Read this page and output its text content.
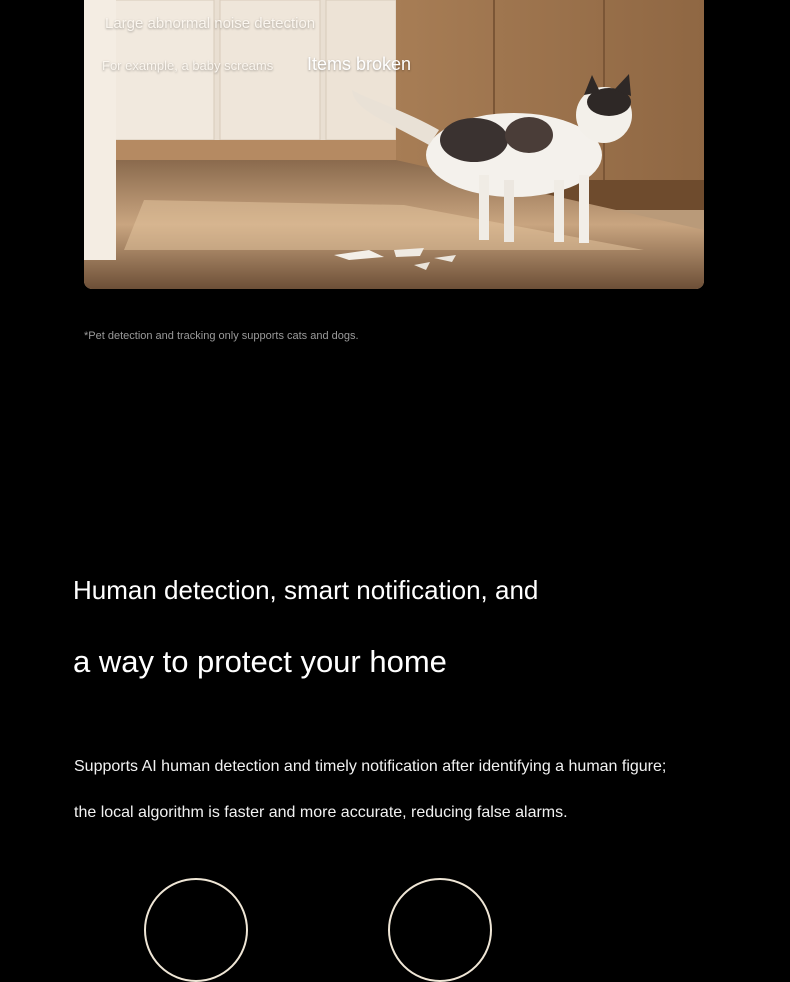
Large abnormal noise detection
For example, a baby screams Items broken
*Pet detection and tracking only supports cats and dogs.
Human detection, smart notification, and
a way to protect your home
Supports AI human detection and timely notification after identifying a human figure;
the local algorithm is faster and more accurate, reducing false alarms.
